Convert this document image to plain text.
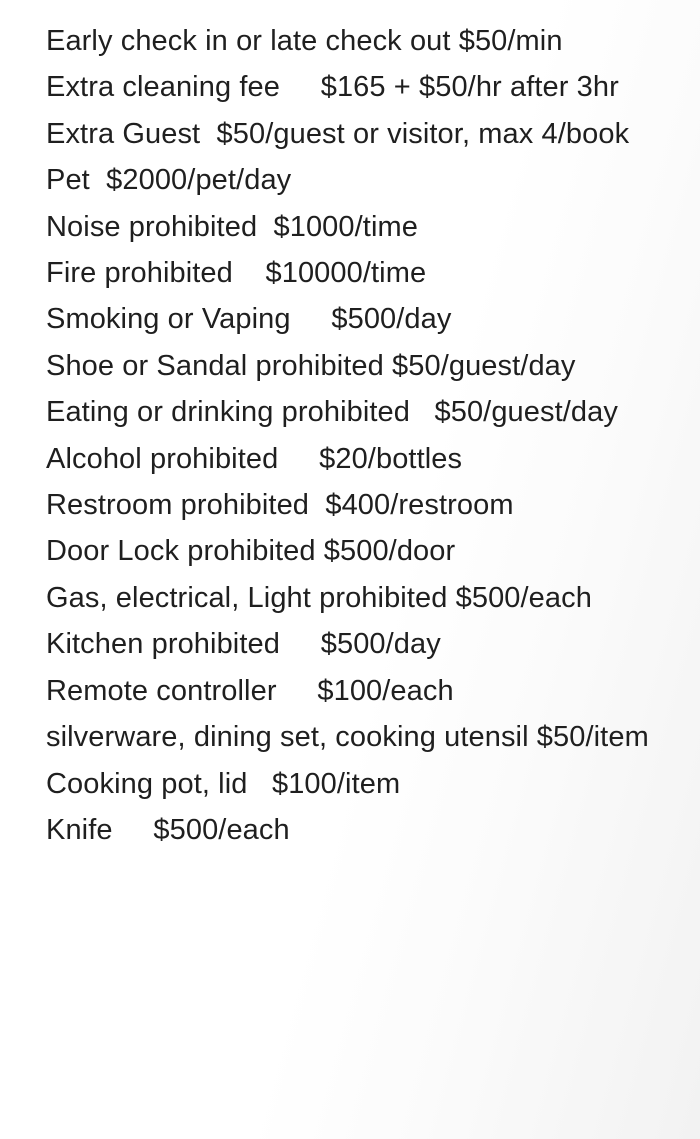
Early check in or late check out $50/min
Extra cleaning fee     $165 + $50/hr after 3hr
Extra Guest  $50/guest or visitor, max 4/book
Pet  $2000/pet/day
Noise prohibited  $1000/time
Fire prohibited    $10000/time
Smoking or Vaping     $500/day
Shoe or Sandal prohibited $50/guest/day
Eating or drinking prohibited   $50/guest/day
Alcohol prohibited     $20/bottles
Restroom prohibited  $400/restroom
Door Lock prohibited $500/door
Gas, electrical, Light prohibited $500/each
Kitchen prohibited     $500/day
Remote controller     $100/each
silverware, dining set, cooking utensil $50/item
Cooking pot, lid   $100/item
Knife     $500/each
